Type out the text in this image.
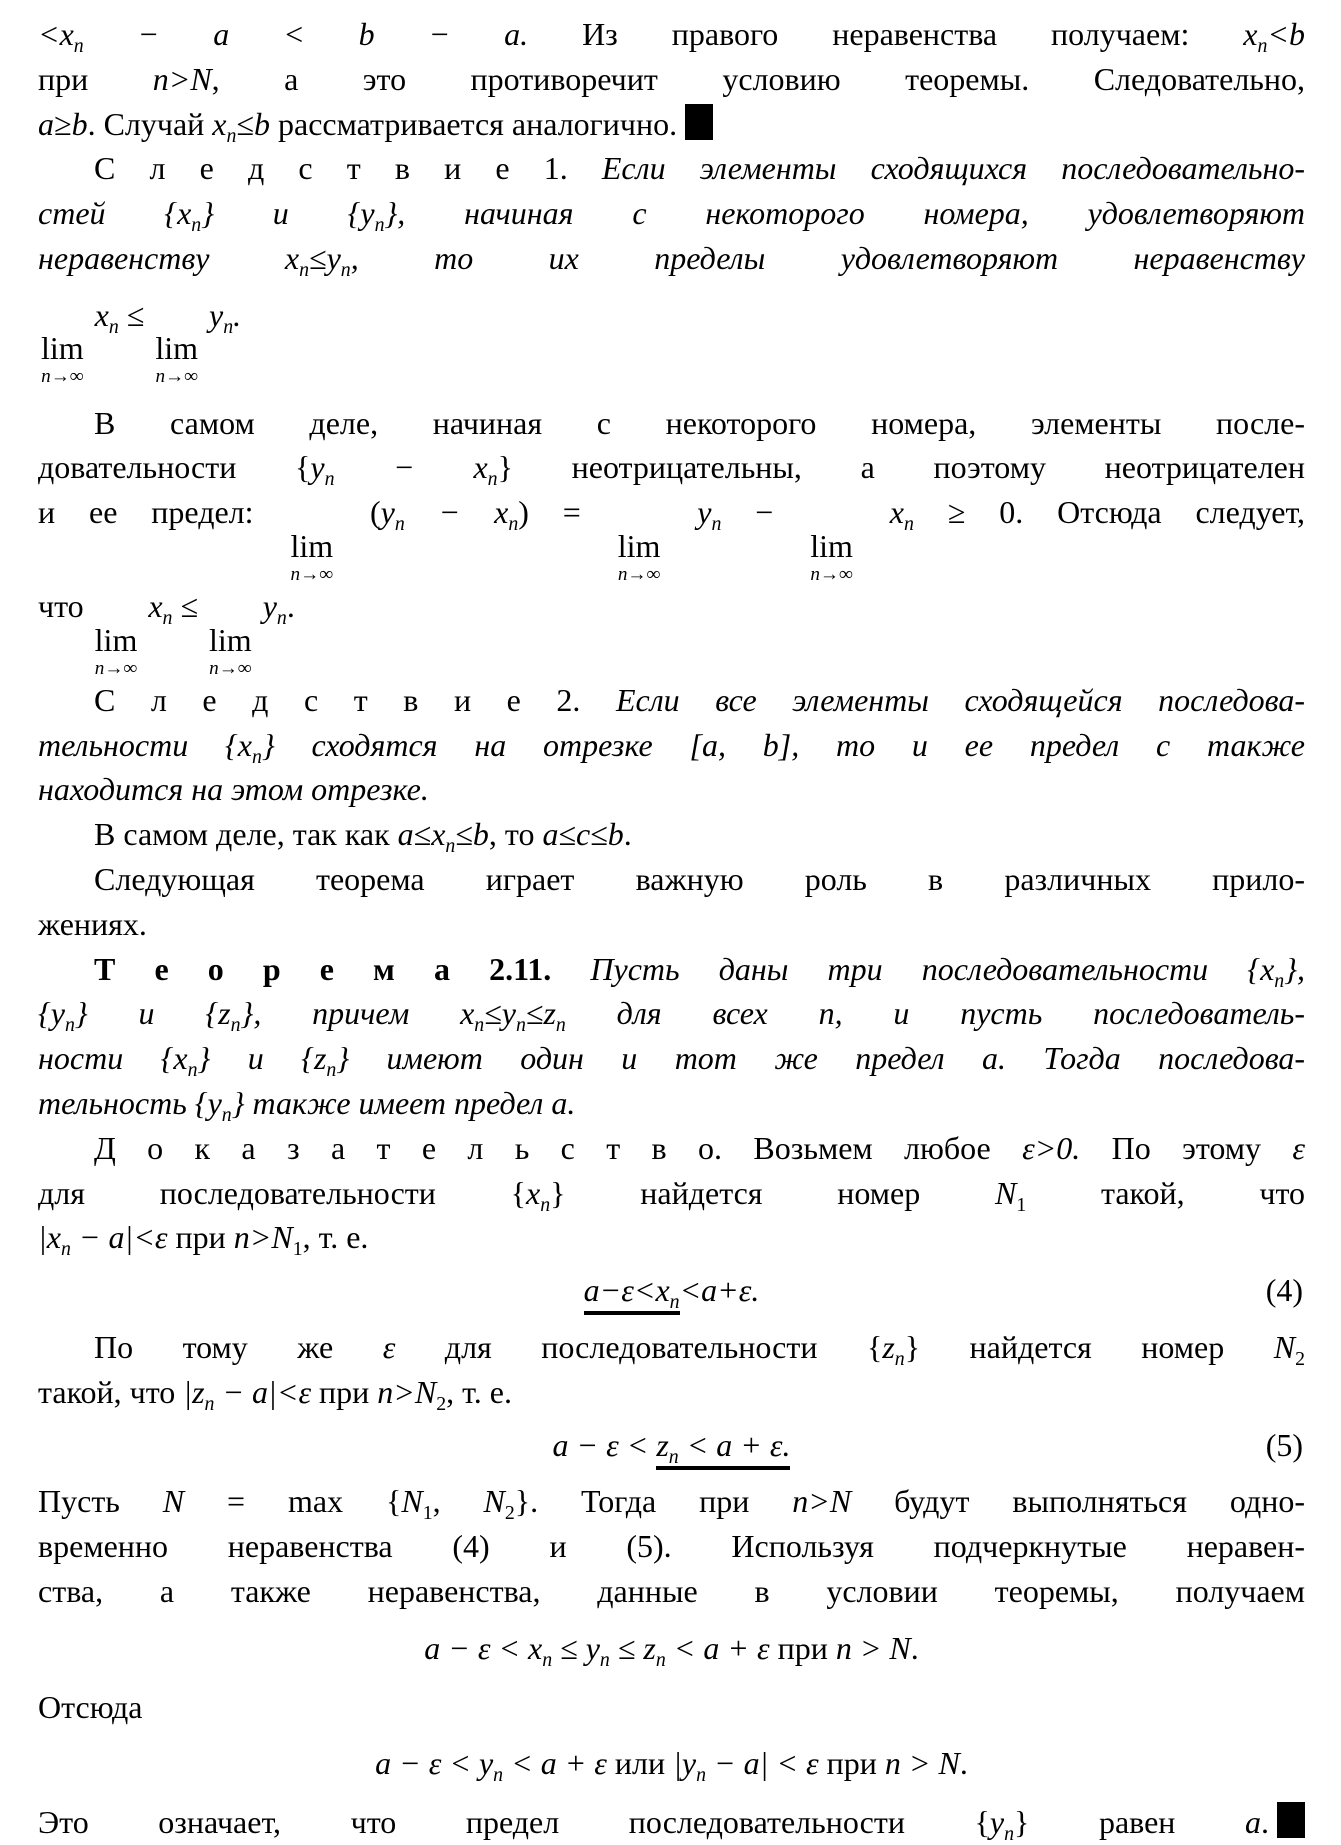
$<x_n - a < b - a$. Из правого неравенства получаем: $x_n<b$
при n>N, а это противоречит условию теоремы. Следовательно,
a≥b. Случай $x_n\le b$ рассматривается аналогично.
С л е д с т в и е 1. Если элементы сходящихся последовательно-
стей $\{x_n\}$ и $\{y_n\}$, начиная с некоторого номера, удовлетворяют
неравенству $x_n\le y_n$, то их пределы удовлетворяют неравенству
lim
n→∞
$x_n$ ≤
lim
n→∞
$y_n$.
В самом деле, начиная с некоторого номера, элементы после-
довательности $\{y_n - x_n\}$ неотрицательны, а поэтому неотрицателен
и ее предел:
lim
n→∞
$(y_n - x_n)$ =
lim
n→∞
$y_n$ −
lim
n→∞
$x_n \ge 0$. Отсюда следует,
что
lim
n→∞
$x_n$ ≤
lim
n→∞
$y_n$.
С л е д с т в и е 2. Если все элементы сходящейся последова-
тельности $\{x_n\}$ сходятся на отрезке [a, b], то и ее предел c также
находится на этом отрезке.
В самом деле, так как $a\le x_n\le b$, то a≤c≤b.
Следующая теорема играет важную роль в различных прило-
жениях.
Т е о р е м а 2.11. Пусть даны три последовательности $\{x_n\}$,
$\{y_n\}$ и $\{z_n\}$, причем $x_n\le y_n\le z_n$ для всех n, и пусть последователь-
ности $\{x_n\}$ и $\{z_n\}$ имеют один и тот же предел a. Тогда последова-
тельность $\{y_n\}$ также имеет предел a.
Д о к а з а т е л ь с т в о. Возьмем любое ε>0. По этому ε
для последовательности $\{x_n\}$ найдется номер $N_1$ такой, что
$|x_n - a|<\varepsilon$ при $n>N_1$, т. е.
$a-\varepsilon<x_n<a+\varepsilon$.	(4)
По тому же ε для последовательности $\{z_n\}$ найдется номер $N_2$
такой, что $|z_n - a|<\varepsilon$ при $n>N_2$, т. е.
$a - \varepsilon < z_n < a + \varepsilon$.	(5)
Пусть $N = \max \{N_1$, $N_2$}. Тогда при n>N будут выполняться одно-
временно неравенства (4) и (5). Используя подчеркнутые неравен-
ства, а также неравенства, данные в условии теоремы, получаем
$a - \varepsilon < x_n \le y_n \le z_n < a + \varepsilon$ при n > N.
Отсюда
$a - \varepsilon < y_n < a + \varepsilon$ или $|y_n - a| < \varepsilon$ при n > N.
Это означает, что предел последовательности $\{y_n\}$ равен a.
